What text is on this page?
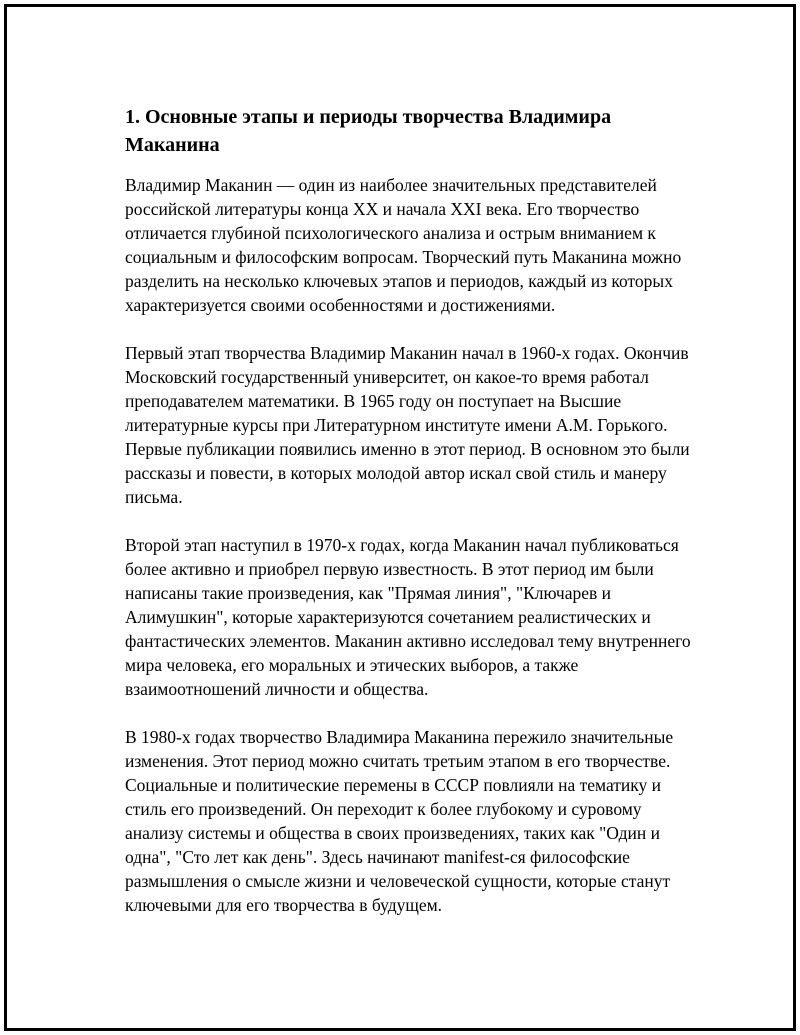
1. Основные этапы и периоды творчества Владимира Маканина

Владимир Маканин — один из наиболее значительных представителей российской литературы конца XX и начала XXI века. Его творчество отличается глубиной психологического анализа и острым вниманием к социальным и философским вопросам. Творческий путь Маканина можно разделить на несколько ключевых этапов и периодов, каждый из которых характеризуется своими особенностями и достижениями.

Первый этап творчества Владимир Маканин начал в 1960-х годах. Окончив Московский государственный университет, он какое-то время работал преподавателем математики. В 1965 году он поступает на Высшие литературные курсы при Литературном институте имени А.М. Горького. Первые публикации появились именно в этот период. В основном это были рассказы и повести, в которых молодой автор искал свой стиль и манеру письма.

Второй этап наступил в 1970-х годах, когда Маканин начал публиковаться более активно и приобрел первую известность. В этот период им были написаны такие произведения, как "Прямая линия", "Ключарев и Алимушкин", которые характеризуются сочетанием реалистических и фантастических элементов. Маканин активно исследовал тему внутреннего мира человека, его моральных и этических выборов, а также взаимоотношений личности и общества.

В 1980-х годах творчество Владимира Маканина пережило значительные изменения. Этот период можно считать третьим этапом в его творчестве. Социальные и политические перемены в СССР повлияли на тематику и стиль его произведений. Он переходит к более глубокому и суровому анализу системы и общества в своих произведениях, таких как "Один и одна", "Сто лет как день". Здесь начинают manifest-ся философские размышления о смысле жизни и человеческой сущности, которые станут ключевыми для его творчества в будущем.
